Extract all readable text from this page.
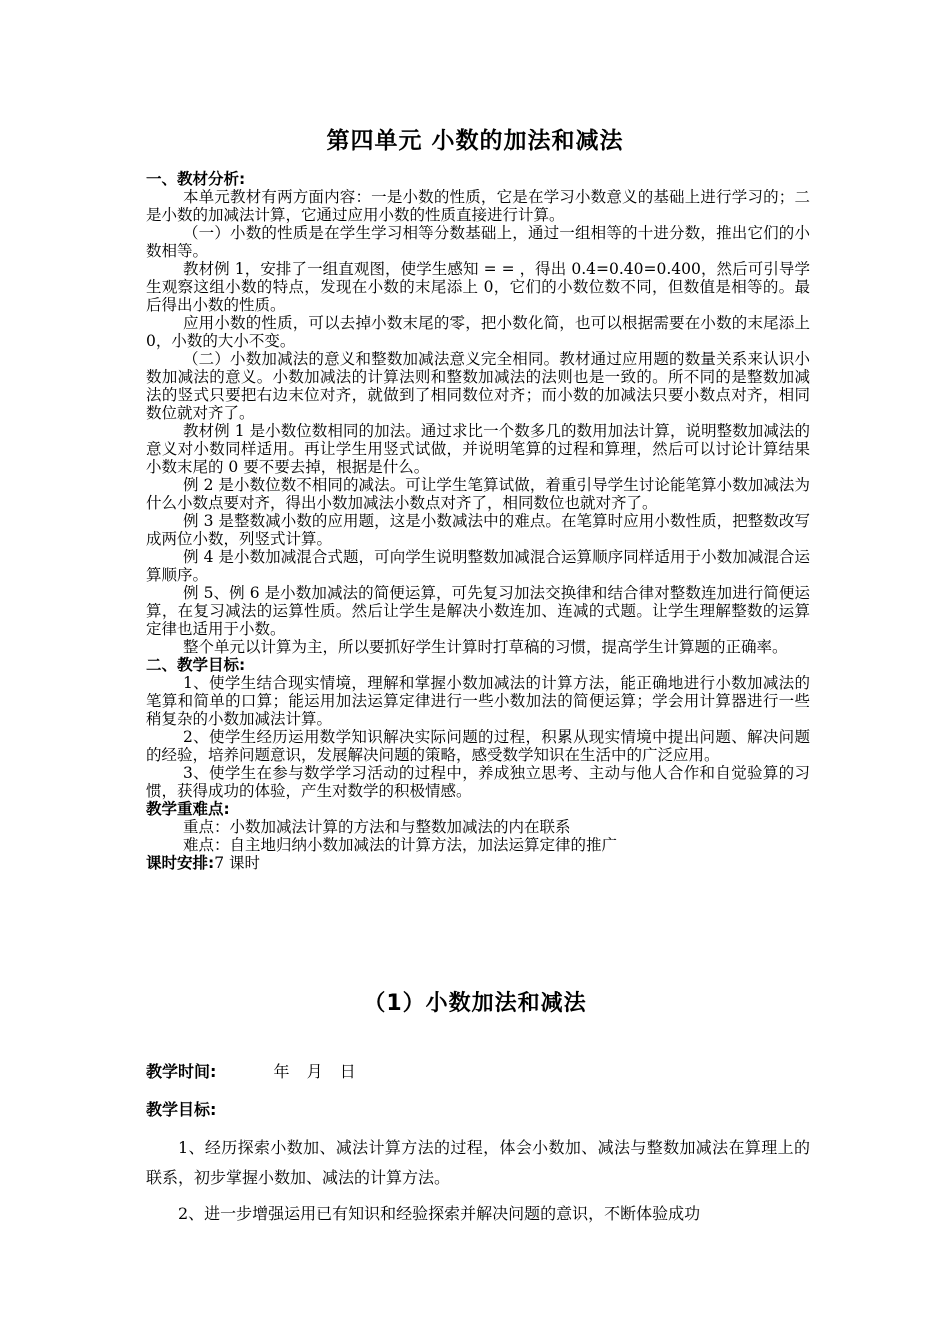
第四单元 小数的加法和减法
一、教材分析:

本单元教材有两方面内容：一是小数的性质，它是在学习小数意义的基础上进行学习的；二是小数的加减法计算，它通过应用小数的性质直接进行计算。

（一）小数的性质是在学生学习相等分数基础上，通过一组相等的十进分数，推出它们的小数相等。

教材例 1，安排了一组直观图，使学生感知 = = ，得出 0.4=0.40=0.400，然后可引导学生观察这组小数的特点，发现在小数的末尾添上 0，它们的小数位数不同，但数值是相等的。最后得出小数的性质。

应用小数的性质，可以去掉小数末尾的零，把小数化简，也可以根据需要在小数的末尾添上 0，小数的大小不变。

（二）小数加减法的意义和整数加减法意义完全相同。教材通过应用题的数量关系来认识小数加减法的意义。小数加减法的计算法则和整数加减法的法则也是一致的。所不同的是整数加减法的竖式只要把右边末位对齐，就做到了相同数位对齐；而小数的加减法只要小数点对齐，相同数位就对齐了。

教材例 1 是小数位数相同的加法。通过求比一个数多几的数用加法计算，说明整数加减法的意义对小数同样适用。再让学生用竖式试做，并说明笔算的过程和算理，然后可以讨论计算结果小数末尾的 0 要不要去掉，根据是什么。

例 2 是小数位数不相同的减法。可让学生笔算试做，着重引导学生讨论能笔算小数加减法为什么小数点要对齐，得出小数加减法小数点对齐了，相同数位也就对齐了。

例 3 是整数减小数的应用题，这是小数减法中的难点。在笔算时应用小数性质，把整数改写成两位小数，列竖式计算。

例 4 是小数加减混合式题，可向学生说明整数加减混合运算顺序同样适用于小数加减混合运算顺序。

例 5、例 6 是小数加减法的简便运算，可先复习加法交换律和结合律对整数连加进行简便运算，在复习减法的运算性质。然后让学生是解决小数连加、连减的式题。让学生理解整数的运算定律也适用于小数。

整个单元以计算为主，所以要抓好学生计算时打草稿的习惯，提高学生计算题的正确率。

二、教学目标:

1、使学生结合现实情境，理解和掌握小数加减法的计算方法，能正确地进行小数加减法的笔算和简单的口算；能运用加法运算定律进行一些小数加法的简便运算；学会用计算器进行一些稍复杂的小数加减法计算。

2、使学生经历运用数学知识解决实际问题的过程，积累从现实情境中提出问题、解决问题的经验，培养问题意识，发展解决问题的策略，感受数学知识在生活中的广泛应用。

3、使学生在参与数学学习活动的过程中，养成独立思考、主动与他人合作和自觉验算的习惯，获得成功的体验，产生对数学的积极情感。

教学重难点:

重点：小数加减法计算的方法和与整数加减法的内在联系

难点：自主地归纳小数加减法的计算方法，加法运算定律的推广

课时安排:7 课时
（1）小数加法和减法
教学时间:	年 月 日
教学目标:

1、经历探索小数加、减法计算方法的过程，体会小数加、减法与整数加减法在算理上的联系，初步掌握小数加、减法的计算方法。

2、进一步增强运用已有知识和经验探索并解决问题的意识，不断体验成功
